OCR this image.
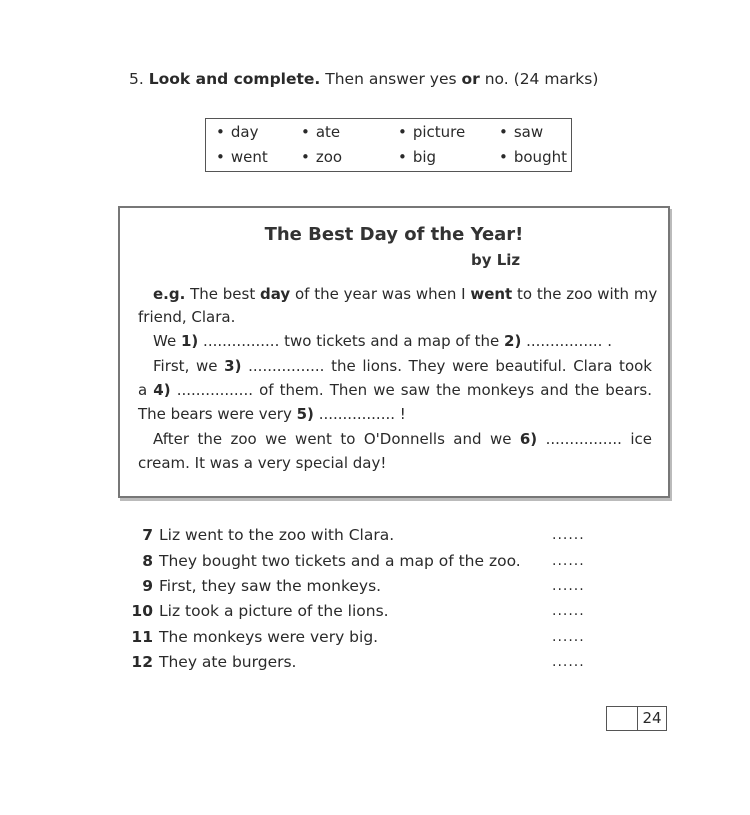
5. Look and complete. Then answer yes or no. (24 marks)
• day	• ate	• picture • saw
• went • zoo	• big	• bought
The Best Day of the Year!
by Liz
e.g. The best day of the year was when I went to the zoo with my
friend, Clara.
We 1) ................ two tickets and a map of the 2) ................ .
First, we 3) ................ the lions. They were beautiful. Clara took
a 4) ................ of them. Then we saw the monkeys and the bears.
The bears were very 5) ................ !
After the zoo we went to O'Donnells and we 6) ................ ice
cream. It was a very special day!
7 Liz went to the zoo with Clara.	......
8 They bought two tickets and a map of the zoo. ......
9 First, they saw the monkeys.	......
10 Liz took a picture of the lions.	......
11 The monkeys were very big.	......
12 They ate burgers.	......
24
